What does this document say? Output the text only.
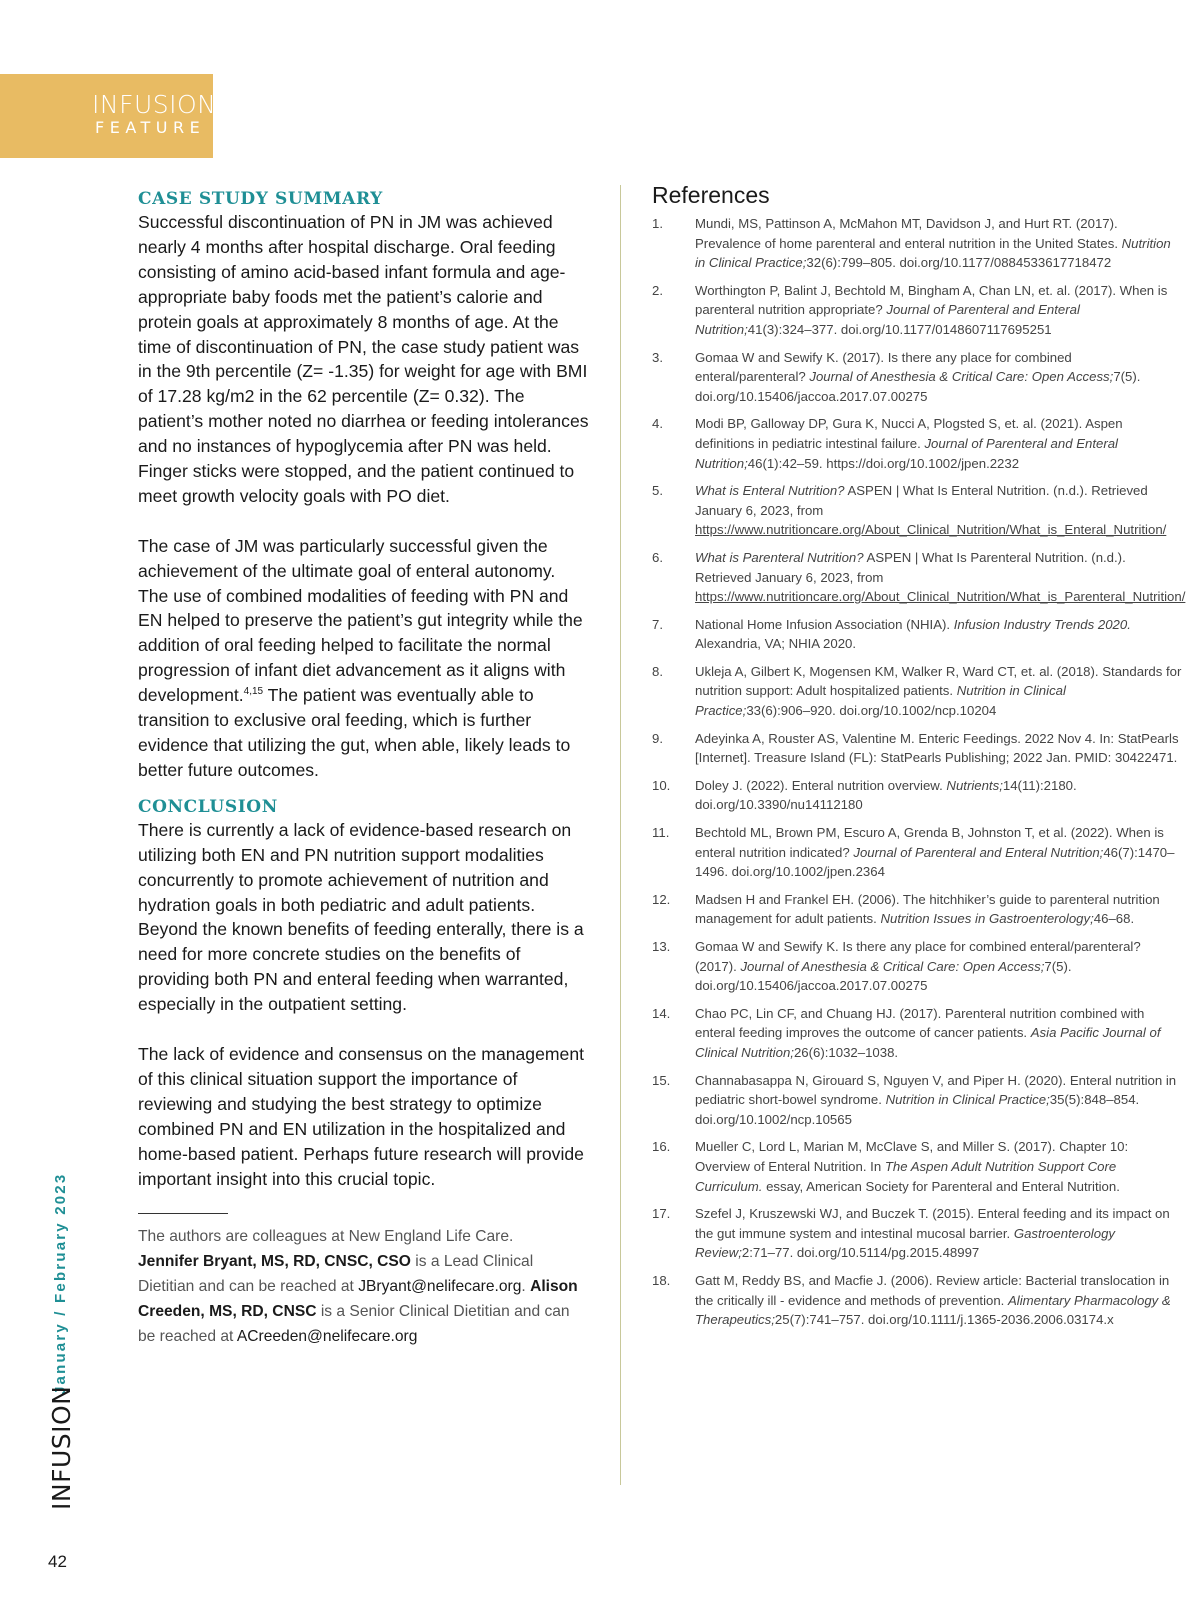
INFUSION
FEATURE
CASE STUDY SUMMARY

Successful discontinuation of PN in JM was achieved nearly 4 months after hospital discharge. Oral feeding consisting of amino acid-based infant formula and age-appropriate baby foods met the patient’s calorie and protein goals at approximately 8 months of age. At the time of discontinuation of PN, the case study patient was in the 9th percentile (Z= -1.35) for weight for age with BMI of 17.28 kg/m2 in the 62 percentile (Z= 0.32). The patient’s mother noted no diarrhea or feeding intolerances and no instances of hypoglycemia after PN was held. Finger sticks were stopped, and the patient continued to meet growth velocity goals with PO diet.

The case of JM was particularly successful given the achievement of the ultimate goal of enteral autonomy. The use of combined modalities of feeding with PN and EN helped to preserve the patient’s gut integrity while the addition of oral feeding helped to facilitate the normal progression of infant diet advancement as it aligns with development.$^{4,15}$ The patient was eventually able to transition to exclusive oral feeding, which is further evidence that utilizing the gut, when able, likely leads to better future outcomes.

CONCLUSION

There is currently a lack of evidence-based research on utilizing both EN and PN nutrition support modalities concurrently to promote achievement of nutrition and hydration goals in both pediatric and adult patients. Beyond the known benefits of feeding enterally, there is a need for more concrete studies on the benefits of providing both PN and enteral feeding when warranted, especially in the outpatient setting.

The lack of evidence and consensus on the management of this clinical situation support the importance of reviewing and studying the best strategy to optimize combined PN and EN utilization in the hospitalized and home-based patient. Perhaps future research will provide important insight into this crucial topic.

The authors are colleagues at New England Life Care.
Jennifer Bryant, MS, RD, CNSC, CSO is a Lead Clinical Dietitian and can be reached at JBryant@nelifecare.org. Alison Creeden, MS, RD, CNSC is a Senior Clinical Dietitian and can be reached at ACreeden@nelifecare.org

References
1. Mundi, MS, Pattinson A, McMahon MT, Davidson J, and Hurt RT. (2017). Prevalence of home parenteral and enteral nutrition in the United States. Nutrition in Clinical Practice;32(6):799–805. doi.org/10.1177/0884533617718472
2. Worthington P, Balint J, Bechtold M, Bingham A, Chan LN, et. al. (2017). When is parenteral nutrition appropriate? Journal of Parenteral and Enteral Nutrition;41(3):324–377. doi.org/10.1177/0148607117695251
3. Gomaa W and Sewify K. (2017). Is there any place for combined enteral/parenteral? Journal of Anesthesia & Critical Care: Open Access;7(5). doi.org/10.15406/jaccoa.2017.07.00275
4. Modi BP, Galloway DP, Gura K, Nucci A, Plogsted S, et. al. (2021). Aspen definitions in pediatric intestinal failure. Journal of Parenteral and Enteral Nutrition;46(1):42–59. https://doi.org/10.1002/jpen.2232
5. What is Enteral Nutrition? ASPEN | What Is Enteral Nutrition. (n.d.). Retrieved January 6, 2023, from https://www.nutritioncare.org/About_Clinical_Nutrition/What_is_Enteral_Nutrition/
6. What is Parenteral Nutrition? ASPEN | What Is Parenteral Nutrition. (n.d.). Retrieved January 6, 2023, from https://www.nutritioncare.org/About_Clinical_Nutrition/What_is_Parenteral_Nutrition/
7. National Home Infusion Association (NHIA). Infusion Industry Trends 2020. Alexandria, VA; NHIA 2020.
8. Ukleja A, Gilbert K, Mogensen KM, Walker R, Ward CT, et. al. (2018). Standards for nutrition support: Adult hospitalized patients. Nutrition in Clinical Practice;33(6):906–920. doi.org/10.1002/ncp.10204
9. Adeyinka A, Rouster AS, Valentine M. Enteric Feedings. 2022 Nov 4. In: StatPearls [Internet]. Treasure Island (FL): StatPearls Publishing; 2022 Jan. PMID: 30422471.
10. Doley J. (2022). Enteral nutrition overview. Nutrients;14(11):2180. doi.org/10.3390/nu14112180
11. Bechtold ML, Brown PM, Escuro A, Grenda B, Johnston T, et al. (2022). When is enteral nutrition indicated? Journal of Parenteral and Enteral Nutrition;46(7):1470–1496. doi.org/10.1002/jpen.2364
12. Madsen H and Frankel EH. (2006). The hitchhiker’s guide to parenteral nutrition management for adult patients. Nutrition Issues in Gastroenterology;46–68.
13. Gomaa W and Sewify K. Is there any place for combined enteral/parenteral? (2017). Journal of Anesthesia & Critical Care: Open Access;7(5). doi.org/10.15406/jaccoa.2017.07.00275
14. Chao PC, Lin CF, and Chuang HJ. (2017). Parenteral nutrition combined with enteral feeding improves the outcome of cancer patients. Asia Pacific Journal of Clinical Nutrition;26(6):1032–1038.
15. Channabasappa N, Girouard S, Nguyen V, and Piper H. (2020). Enteral nutrition in pediatric short-bowel syndrome. Nutrition in Clinical Practice;35(5):848–854. doi.org/10.1002/ncp.10565
16. Mueller C, Lord L, Marian M, McClave S, and Miller S. (2017). Chapter 10: Overview of Enteral Nutrition. In The Aspen Adult Nutrition Support Core Curriculum. essay, American Society for Parenteral and Enteral Nutrition.
17. Szefel J, Kruszewski WJ, and Buczek T. (2015). Enteral feeding and its impact on the gut immune system and intestinal mucosal barrier. Gastroenterology Review;2:71–77. doi.org/10.5114/pg.2015.48997
18. Gatt M, Reddy BS, and Macfie J. (2006). Review article: Bacterial translocation in the critically ill - evidence and methods of prevention. Alimentary Pharmacology & Therapeutics;25(7):741–757. doi.org/10.1111/j.1365-2036.2006.03174.x
January / February 2023
INFUSION
42
